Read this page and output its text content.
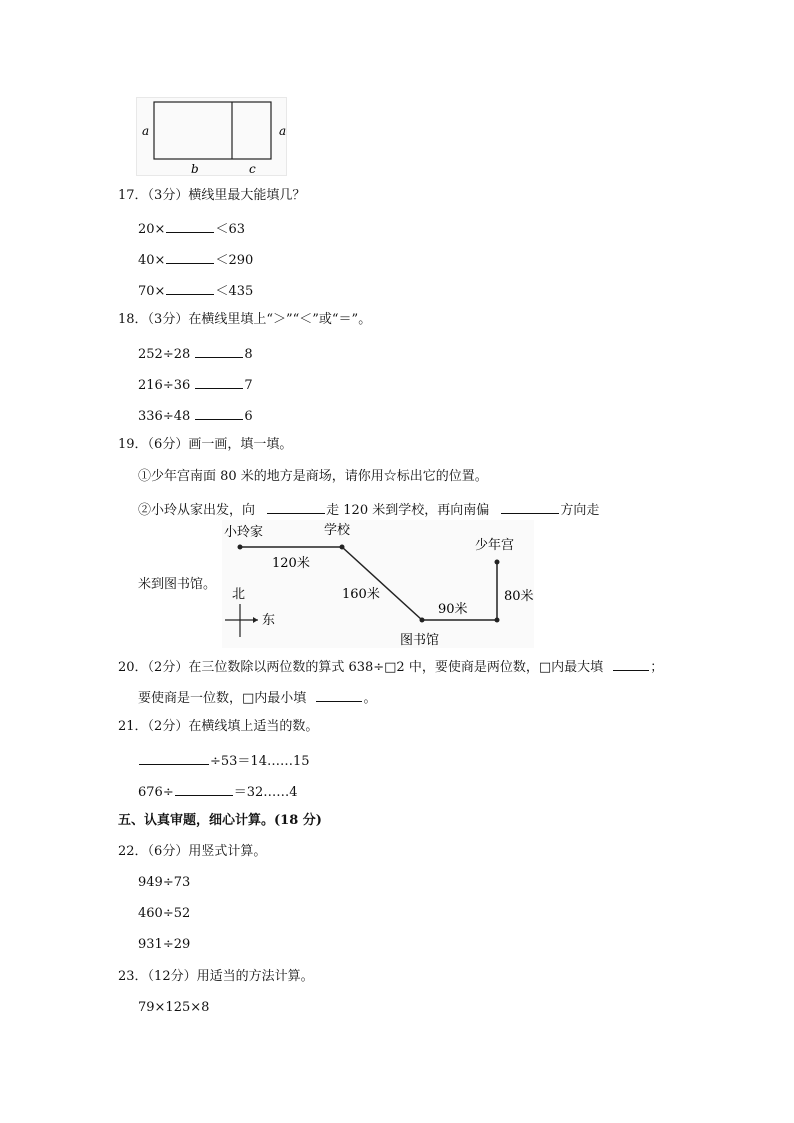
a	a
b	c
17．（3分）横线里最大能填几？
20×	＜63
40×	＜290
70×	＜435
18．（3分）在横线里填上“＞”“＜”或“＝”。
252÷28	8
216÷36	7
336÷48	6
19．（6分）画一画，填一填。
①少年宫南面 80 米的地方是商场，请你用☆标出它的位置。
②小玲从家出发，向	走 120 米到学校，再向南偏	方向走
小玲家	学校
少年宫
图书馆
120米
160米
90米
80米
北
东
米到图书馆。
20．（2分）在三位数除以两位数的算式 638÷□2 中，要使商是两位数，□内最大填	；
要使商是一位数，□内最小填	。
21．（2分）在横线填上适当的数。
÷53＝14……15
676÷	＝32……4
五、认真审题，细心计算。(18 分)
22．（6分）用竖式计算。
949÷73
460÷52
931÷29
23．（12分）用适当的方法计算。
79×125×8
